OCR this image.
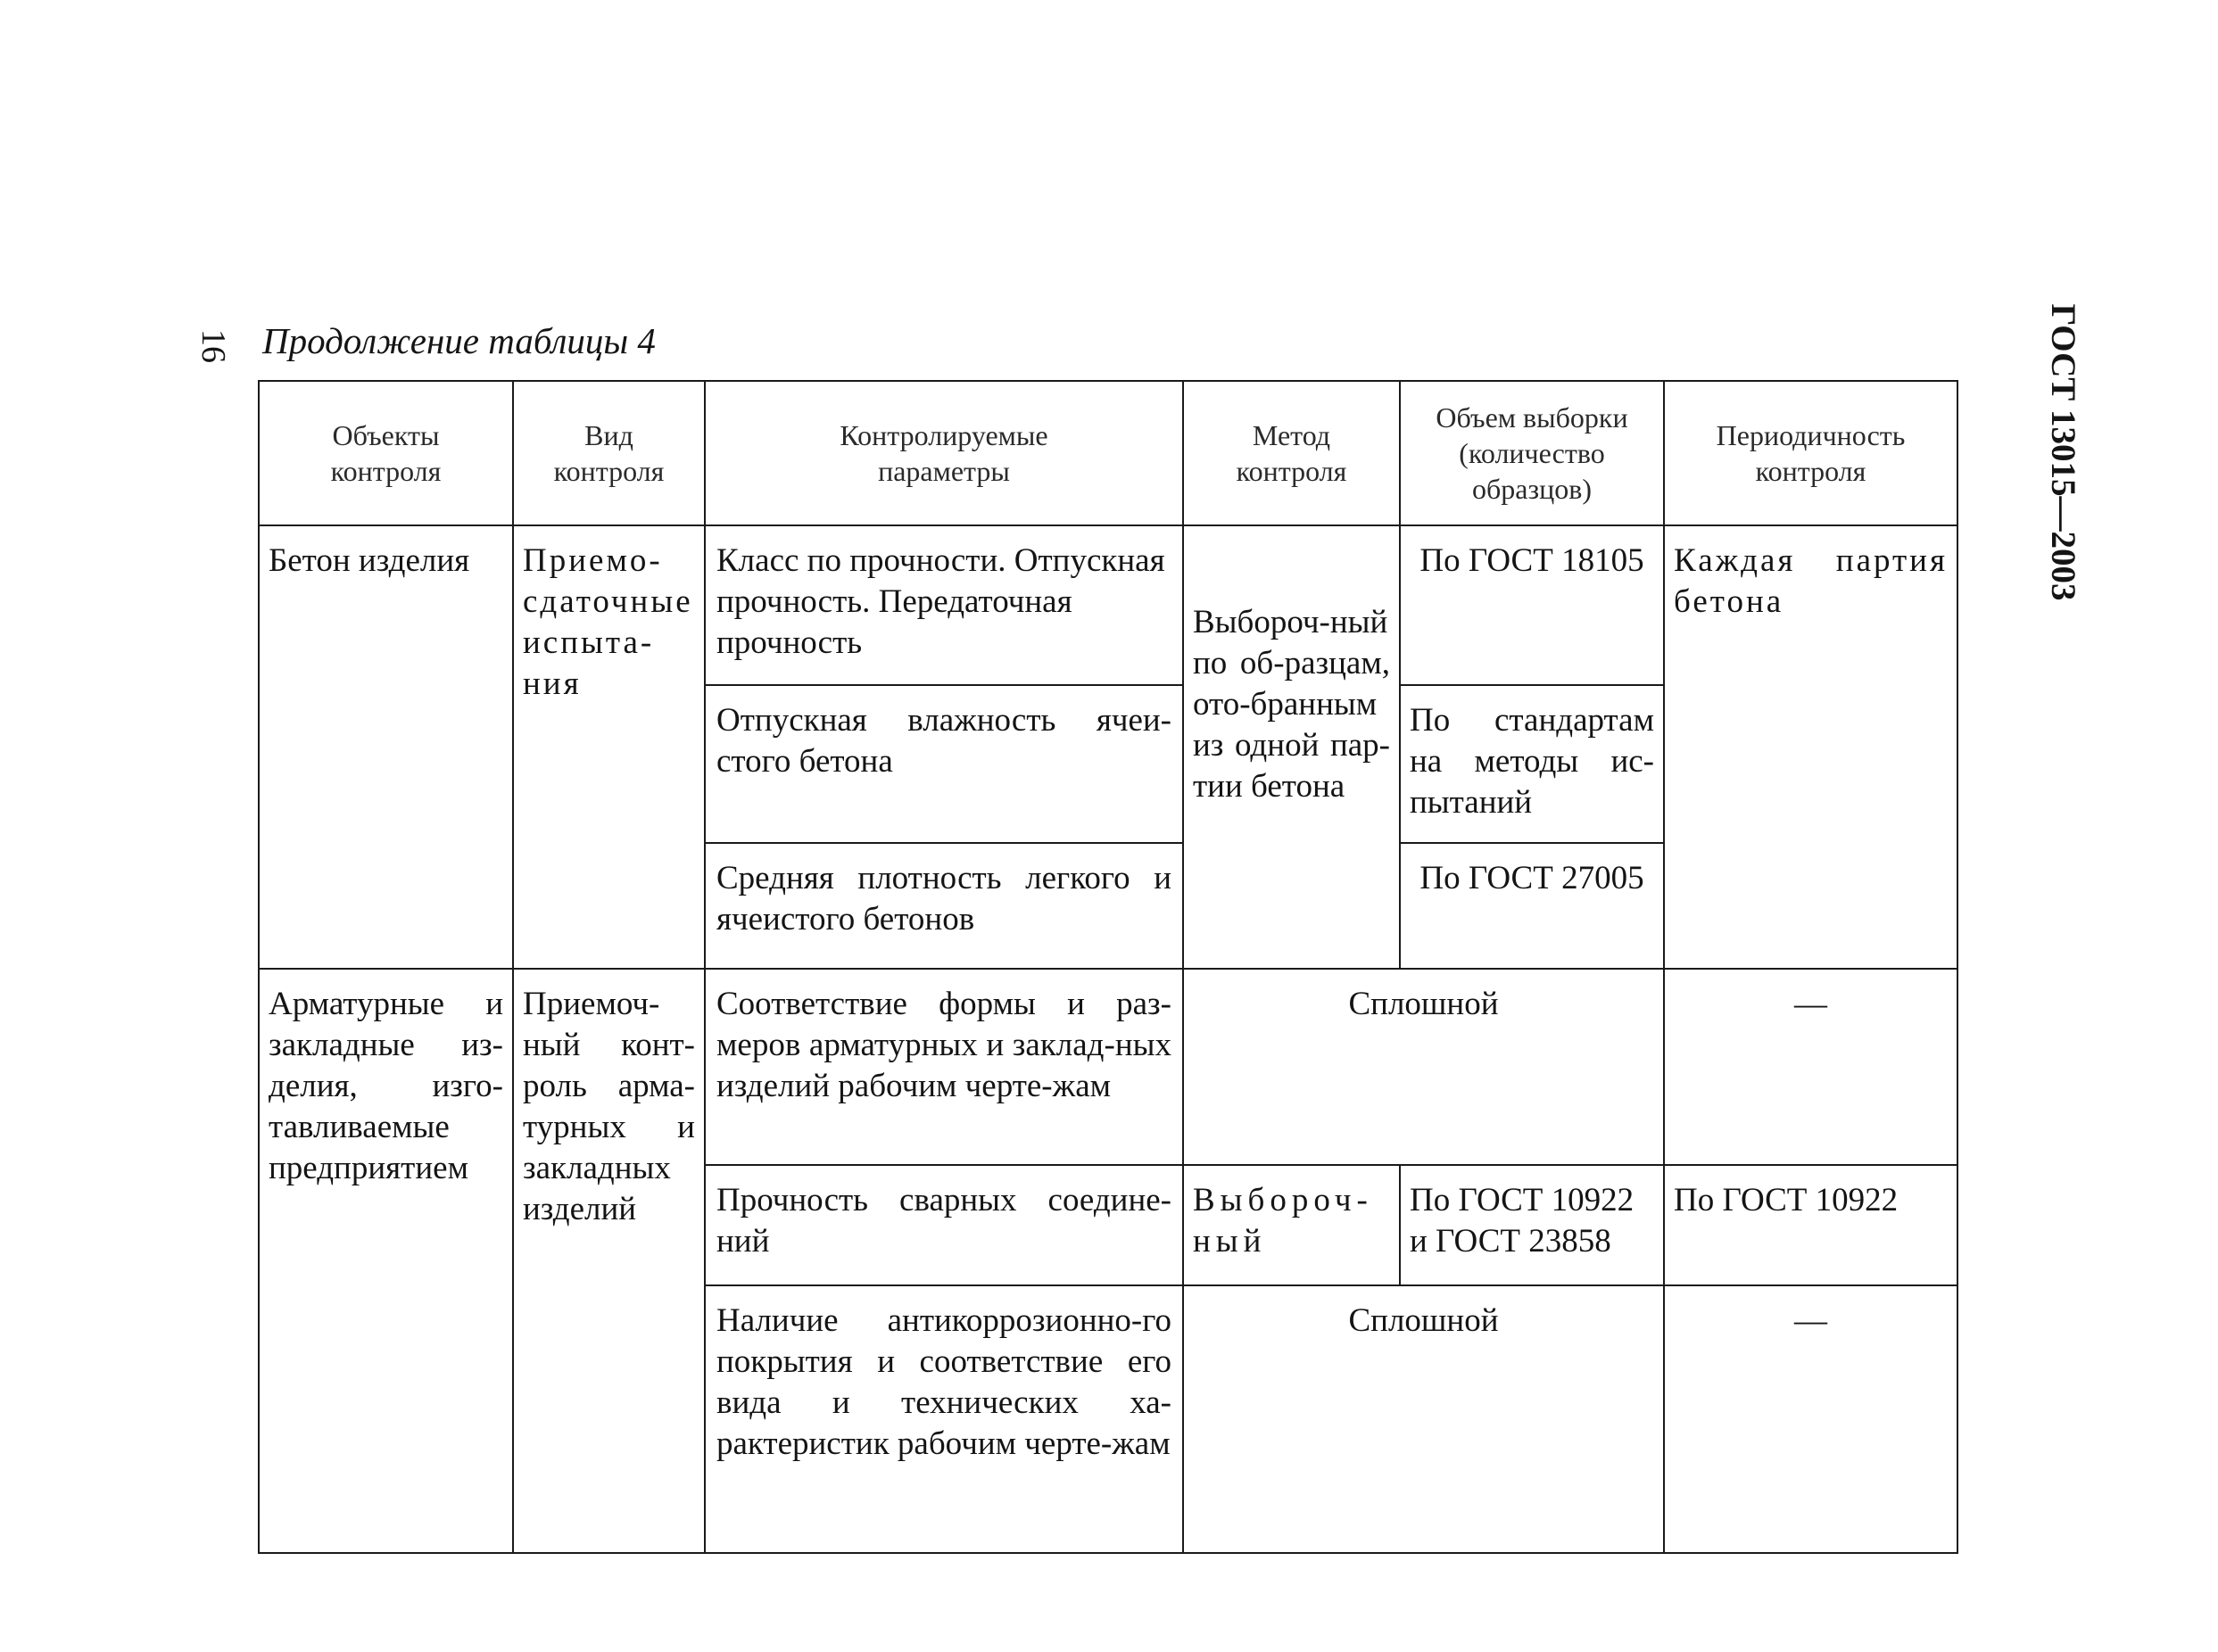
16 Продолжение таблицы 4	ГОСТ 13015—2003
Объекты контроля	Вид контроля	Контролируемые параметры	Метод контроля	Объем выборки (количество образцов)	Периодичность контроля
Бетон изделия	Приемо-сдаточные испыта-ния	Класс по прочности. Отпускная прочность. Передаточная прочность	Выбороч-ный по об-разцам, ото-бранным из одной пар-тии бетона	По ГОСТ 18105	Каждая партия бетона
		Отпускная влажность ячеи-стого бетона		По стандартам на методы ис-пытаний	
		Средняя плотность легкого и ячеистого бетонов		По ГОСТ 27005	
Арматурные и закладные из-делия, изго-тавливаемые предприятием	Приемоч-ный конт-роль арма-турных и закладных изделий	Соответствие формы и раз-меров арматурных и заклад-ных изделий рабочим черте-жам	Сплошной		—
		Прочность сварных соедине-ний	Выбороч-ный	По ГОСТ 10922 и ГОСТ 23858	По ГОСТ 10922
		Наличие антикоррозионно-го покрытия и соответствие его вида и технических ха-рактеристик рабочим черте-жам	Сплошной		—
